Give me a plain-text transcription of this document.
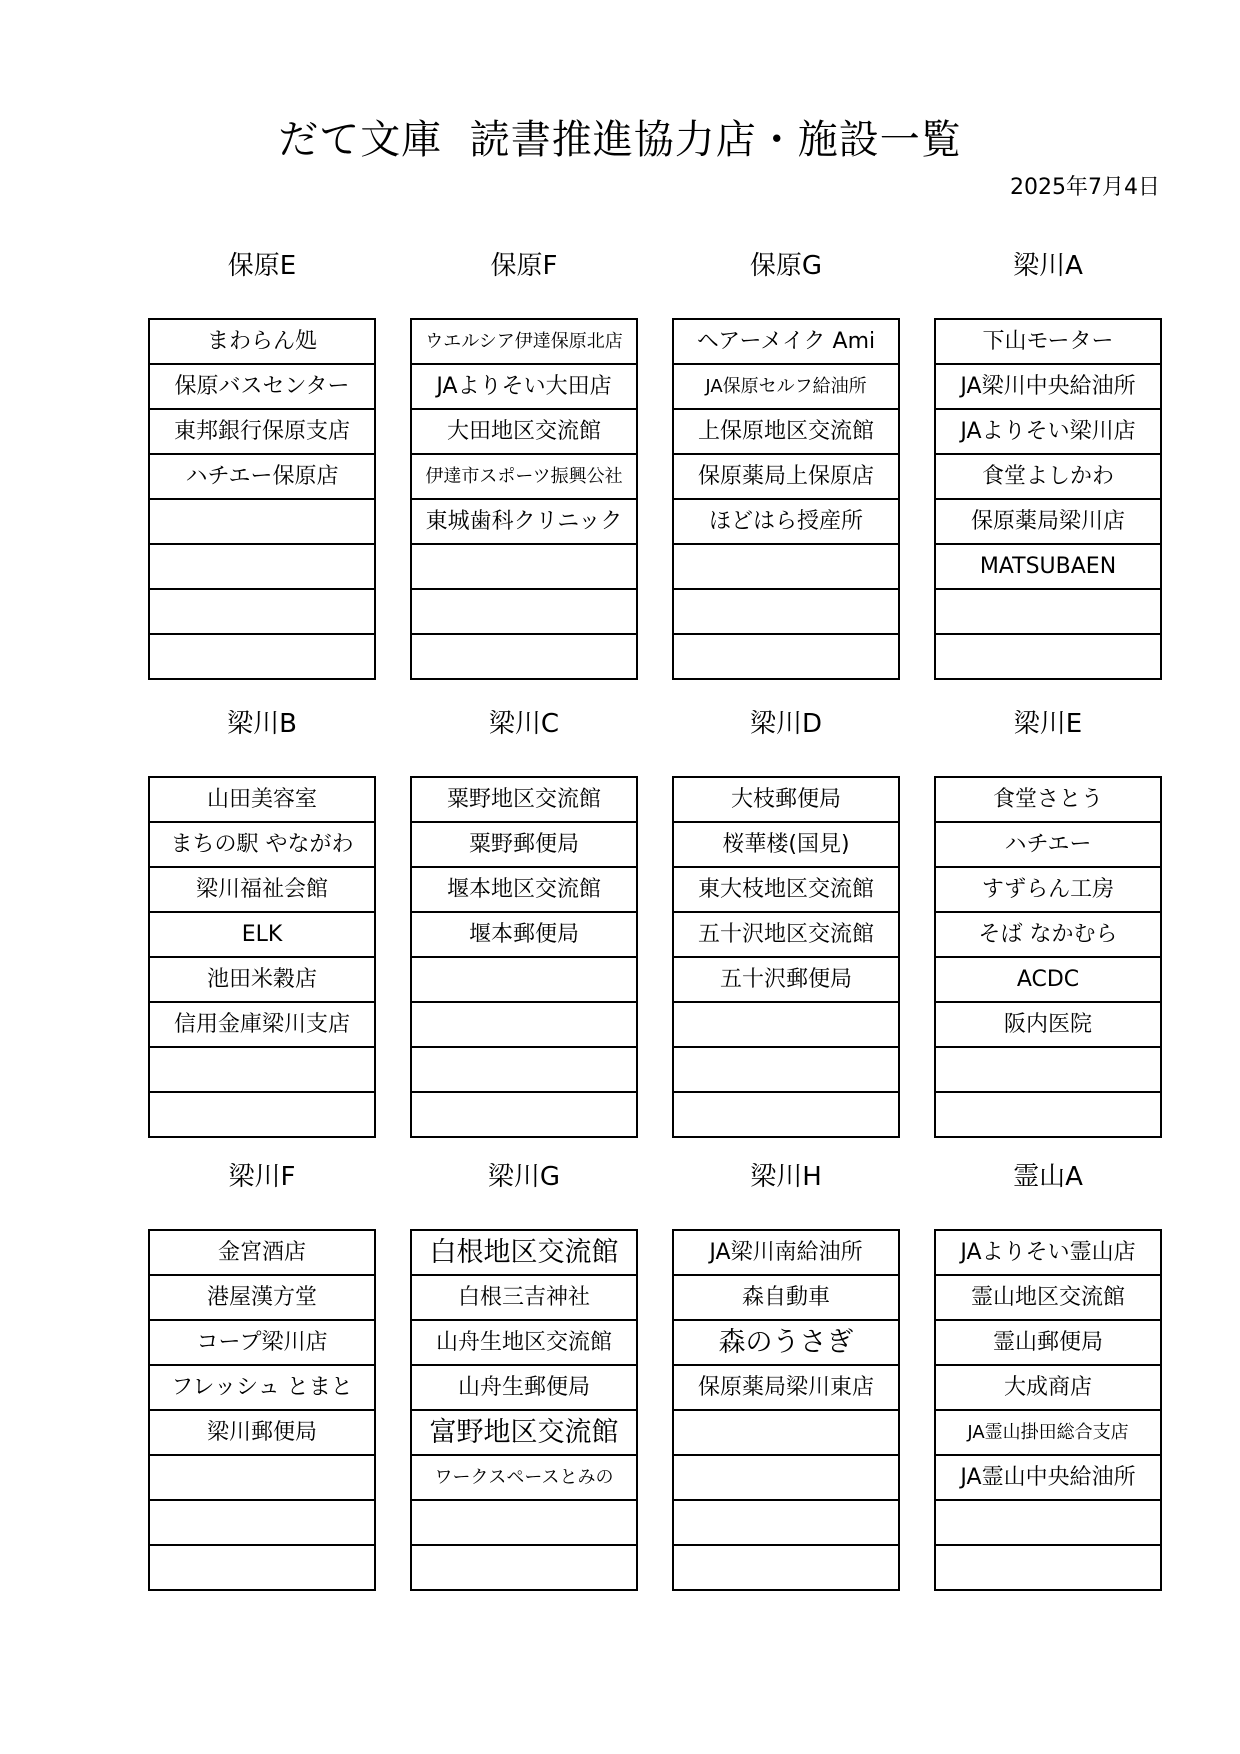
だて文庫  読書推進協力店・施設一覧
2025年7月4日
保原E
まわらん処
保原バスセンター
東邦銀行保原支店
ハチエー保原店
保原F
ウエルシア伊達保原北店
JAよりそい大田店
大田地区交流館
伊達市スポーツ振興公社
東城歯科クリニック
保原G
ヘアーメイク Ami
JA保原セルフ給油所
上保原地区交流館
保原薬局上保原店
ほどはら授産所
梁川A
下山モーター
JA梁川中央給油所
JAよりそい梁川店
食堂よしかわ
保原薬局梁川店
MATSUBAEN
梁川B
山田美容室
まちの駅 やながわ
梁川福祉会館
ELK
池田米穀店
信用金庫梁川支店
梁川C
粟野地区交流館
粟野郵便局
堰本地区交流館
堰本郵便局
梁川D
大枝郵便局
桜華楼(国見)
東大枝地区交流館
五十沢地区交流館
五十沢郵便局
梁川E
食堂さとう
ハチエー
すずらん工房
そば なかむら
ACDC
阪内医院
梁川F
金宮酒店
港屋漢方堂
コープ梁川店
フレッシュ とまと
梁川郵便局
梁川G
白根地区交流館
白根三吉神社
山舟生地区交流館
山舟生郵便局
富野地区交流館
ワークスペースとみの
梁川H
JA梁川南給油所
森自動車
森のうさぎ
保原薬局梁川東店
霊山A
JAよりそい霊山店
霊山地区交流館
霊山郵便局
大成商店
JA霊山掛田総合支店
JA霊山中央給油所
